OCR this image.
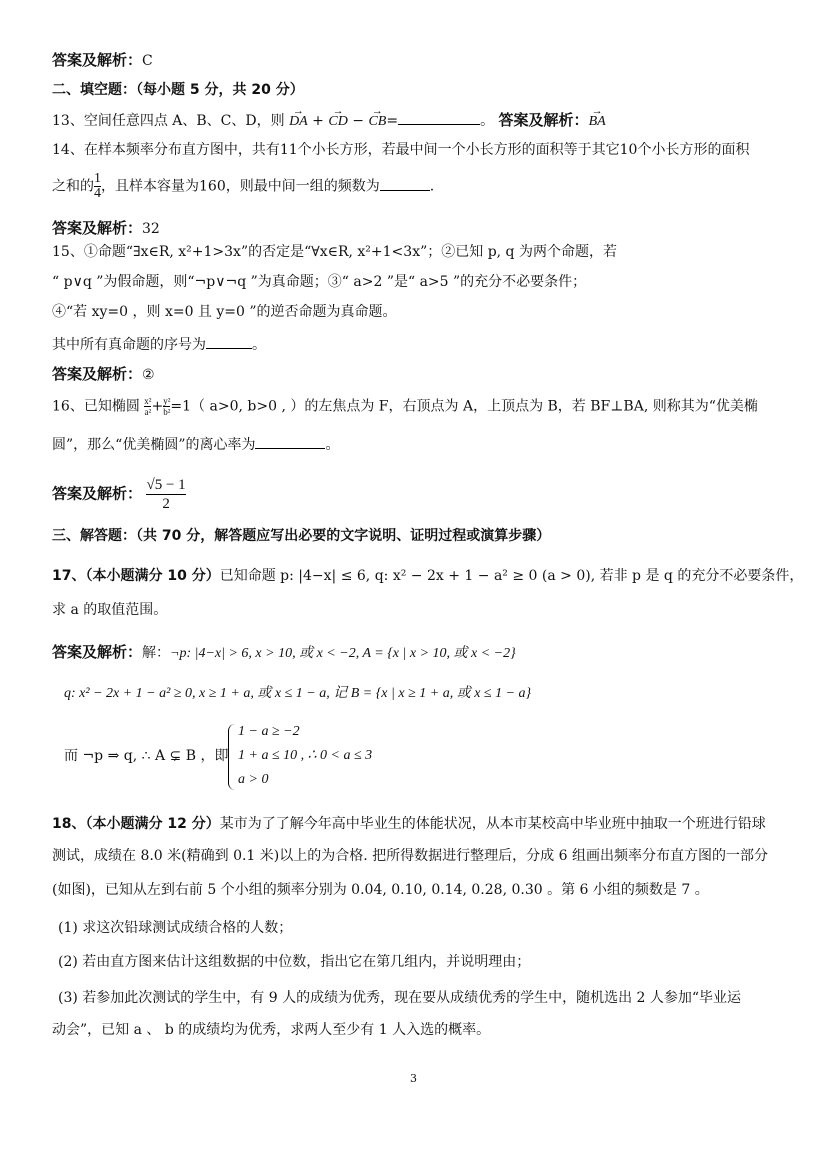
答案及解析：C
二、填空题：（每小题 5 分，共 20 分）
13、空间任意四点 A、B、C、D，则 → DA + → CD − → CB=	。 答案及解析：→ BA
14、在样本频率分布直方图中，共有11个小长方形，若最中间一个小长方形的面积等于其它10个小长方形的面积
之和的 $\frac{1}{4}$ ，且样本容量为160，则最中间一组的频数为	.
答案及解析：32
15、①命题“∃x∈R, x²+1>3x”的否定是“∀x∈R, x²+1<3x”；②已知 p, q 为两个命题，若
“ p∨q ”为假命题，则“¬p∨¬q ”为真命题；③“ a>2 ”是“ a>5 ”的充分不必要条件；
④“若 xy=0 ，则 x=0 且 y=0 ”的逆否命题为真命题。
其中所有真命题的序号为	。
答案及解析：②
16、已知椭圆 $\frac{\text{x²}}{\text{a²}} + \frac{\text{y²}}{\text{b²}} =1$（ a>0, b>0 , ）的左焦点为 F，右顶点为 A，上顶点为 B，若 BF⊥BA, 则称其为“优美椭
圆”，那么“优美椭圆”的离心率为	。
答案及解析： $\frac{√5 - 1}{2}$
三、解答题：（共 70 分，解答题应写出必要的文字说明、证明过程或演算步骤）
17、（本小题满分 10 分）已知命题 p: |4−x| ≤ 6, q: x² − 2x + 1 − a² ≥ 0 (a > 0), 若非 p 是 q 的充分不必要条件，
求 a 的取值范围。
答案及解析：解：¬p: |4−x| > 6, x > 10, 或 x < −2, A = {x | x > 10, 或 x < −2}
q: x² − 2x + 1 − a² ≥ 0, x ≥ 1 + a, 或 x ≤ 1 − a, 记 B = {x | x ≥ 1 + a, 或 x ≤ 1 − a}
而 ¬p ⇒ q, ∴ A ⊊ B ，即
1 − a ≥ −2
1 + a ≤ 10 , ∴ 0 < a ≤ 3
a > 0
18、（本小题满分 12 分）某市为了了解今年高中毕业生的体能状况，从本市某校高中毕业班中抽取一个班进行铅球
测试，成绩在 8.0 米(精确到 0.1 米)以上的为合格. 把所得数据进行整理后，分成 6 组画出频率分布直方图的一部分
(如图)，已知从左到右前 5 个小组的频率分别为 0.04, 0.10, 0.14, 0.28, 0.30 。第 6 小组的频数是 7 。
(1) 求这次铅球测试成绩合格的人数；
(2) 若由直方图来估计这组数据的中位数，指出它在第几组内，并说明理由；
(3) 若参加此次测试的学生中，有 9 人的成绩为优秀，现在要从成绩优秀的学生中，随机选出 2 人参加“毕业运
动会”，已知 a 、 b 的成绩均为优秀，求两人至少有 1 人入选的概率。
3
